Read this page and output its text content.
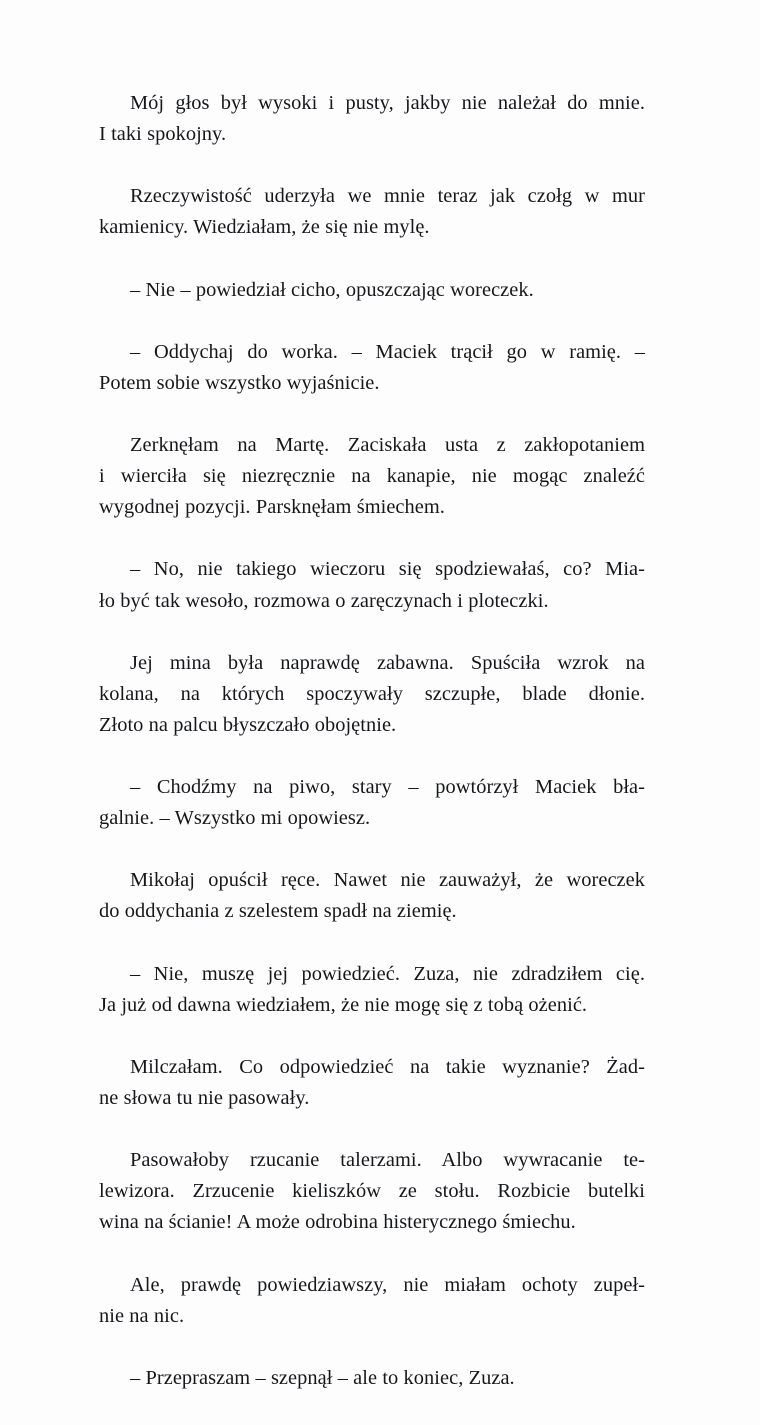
Mój głos był wysoki i pusty, jakby nie należał do mnie.
I taki spokojny.

Rzeczywistość uderzyła we mnie teraz jak czołg w mur
kamienicy. Wiedziałam, że się nie mylę.

– Nie – powiedział cicho, opuszczając woreczek.

– Oddychaj do worka. – Maciek trącił go w ramię. –
Potem sobie wszystko wyjaśnicie.

Zerknęłam na Martę. Zaciskała usta z zakłopotaniem
i wierciła się niezręcznie na kanapie, nie mogąc znaleźć
wygodnej pozycji. Parsknęłam śmiechem.

– No, nie takiego wieczoru się spodziewałaś, co? Mia-
ło być tak wesoło, rozmowa o zaręczynach i ploteczki.

Jej mina była naprawdę zabawna. Spuściła wzrok na
kolana, na których spoczywały szczupłe, blade dłonie.
Złoto na palcu błyszczało obojętnie.

– Chodźmy na piwo, stary – powtórzył Maciek bła-
galnie. – Wszystko mi opowiesz.

Mikołaj opuścił ręce. Nawet nie zauważył, że woreczek
do oddychania z szelestem spadł na ziemię.

– Nie, muszę jej powiedzieć. Zuza, nie zdradziłem cię.
Ja już od dawna wiedziałem, że nie mogę się z tobą ożenić.

Milczałam. Co odpowiedzieć na takie wyznanie? Żad-
ne słowa tu nie pasowały.

Pasowałoby rzucanie talerzami. Albo wywracanie te-
lewizora. Zrzucenie kieliszków ze stołu. Rozbicie butelki
wina na ścianie! A może odrobina histerycznego śmiechu.

Ale, prawdę powiedziawszy, nie miałam ochoty zupeł-
nie na nic.

– Przepraszam – szepnął – ale to koniec, Zuza.
